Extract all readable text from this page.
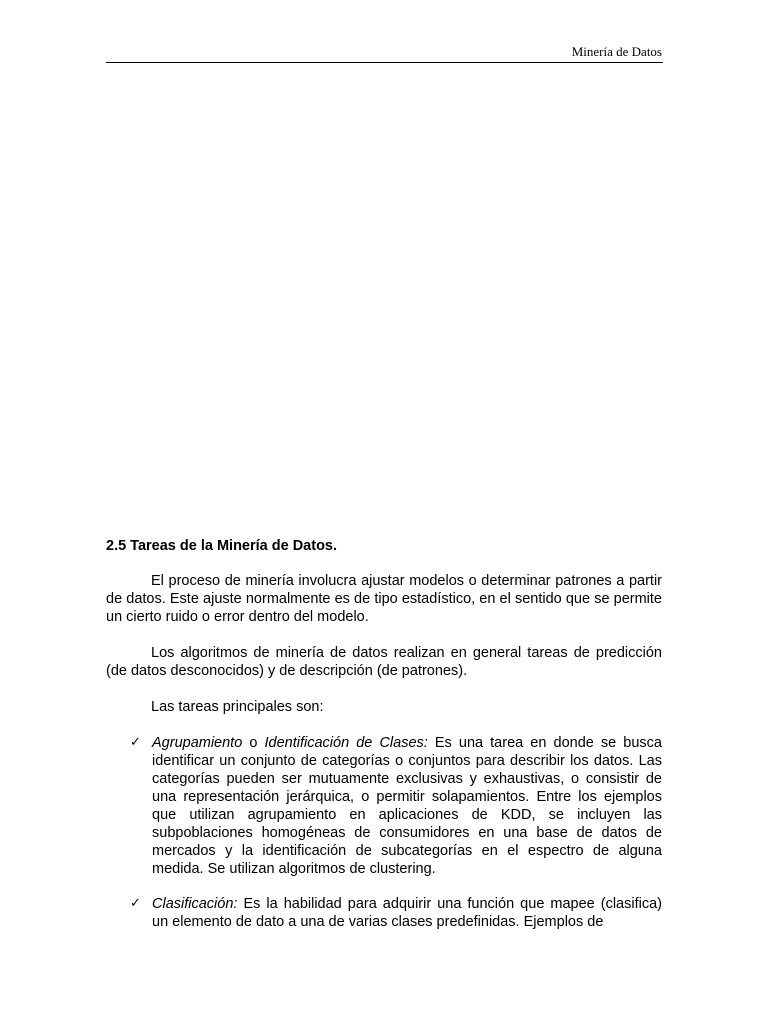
Minería de Datos
2.5 Tareas de la Minería de Datos.

El proceso de minería involucra ajustar modelos o determinar patrones a partir de datos. Este ajuste normalmente es de tipo estadístico, en el sentido que se permite un cierto ruido o error dentro del modelo.

Los algoritmos de minería de datos realizan en general tareas de predicción (de datos desconocidos) y de descripción (de patrones).

Las tareas principales son:

✓ Agrupamiento o Identificación de Clases: Es una tarea en donde se busca identificar un conjunto de categorías o conjuntos para describir los datos. Las categorías pueden ser mutuamente exclusivas y exhaustivas, o consistir de una representación jerárquica, o permitir solapamientos. Entre los ejemplos que utilizan agrupamiento en aplicaciones de KDD, se incluyen las subpoblaciones homogéneas de consumidores en una base de datos de mercados y la identificación de subcategorías en el espectro de alguna medida. Se utilizan algoritmos de clustering.
✓ Clasificación: Es la habilidad para adquirir una función que mapee (clasifica) un elemento de dato a una de varias clases predefinidas. Ejemplos de
